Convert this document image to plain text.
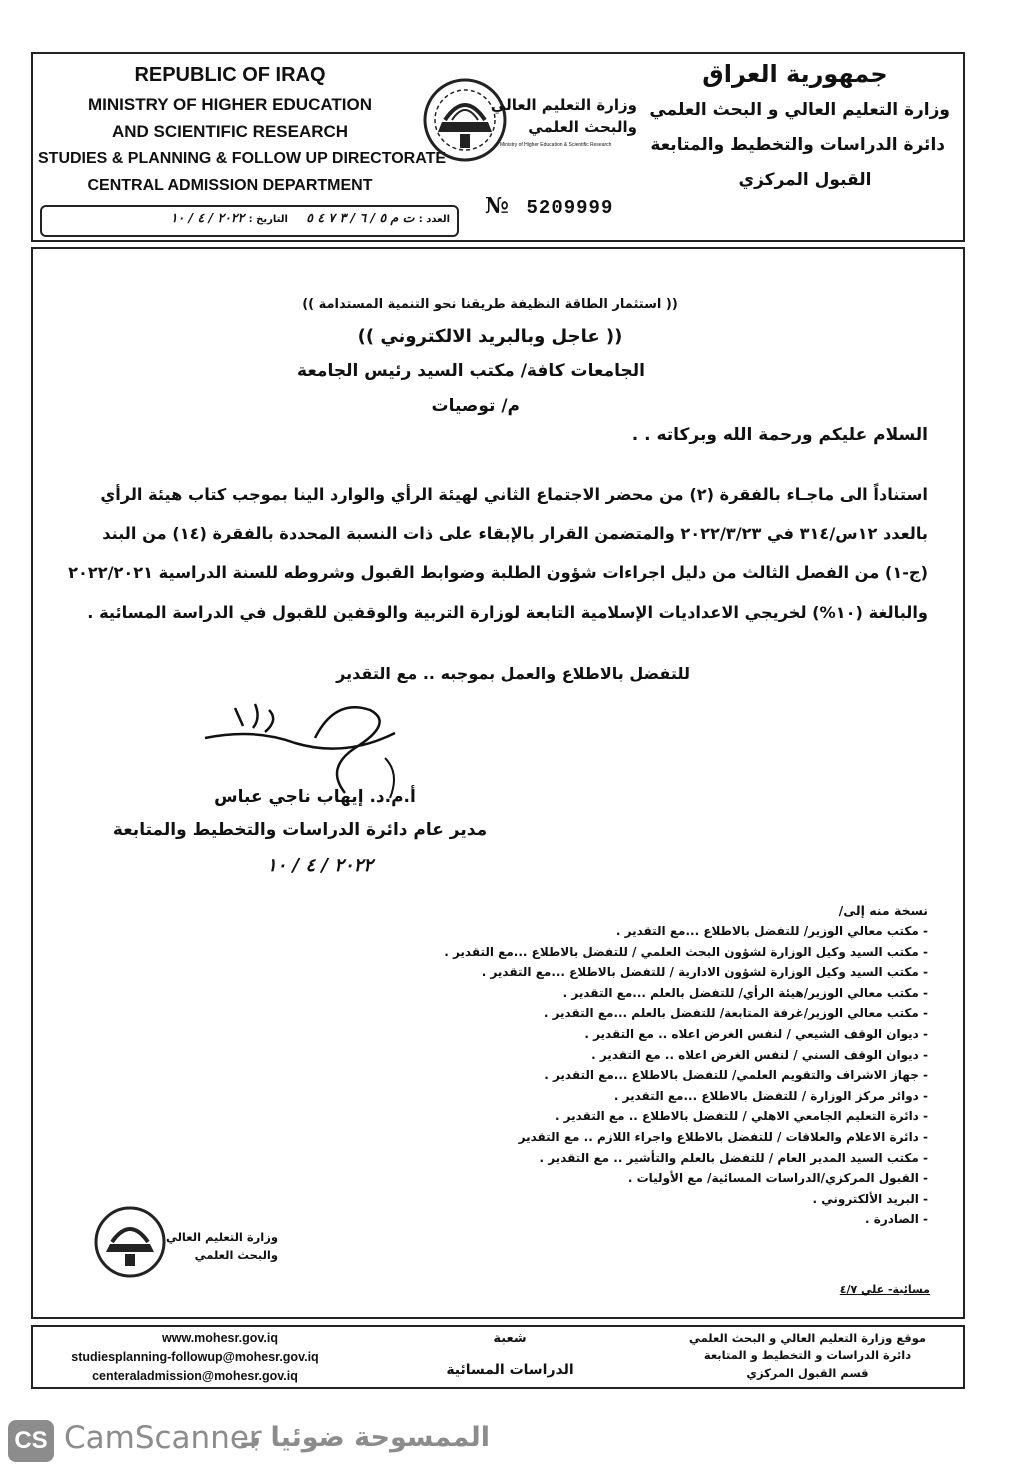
REPUBLIC OF IRAQ
MINISTRY OF HIGHER EDUCATION
AND SCIENTIFIC RESEARCH
STUDIES & PLANNING & FOLLOW UP DIRECTORATE
CENTRAL ADMISSION DEPARTMENT
جمهورية العراق
وزارة التعليم العالي و البحث العلمي
دائرة الدراسات والتخطيط والمتابعة
القبول المركزي
وزارة التعليم العالي
والبحث العلمي
Ministry of Higher Education & Scientific Research
№ 5209999
العدد : ت م ٥ / ٦ / ٣ ٧ ٤ ٥ التاريخ : ٢٠٢٢ / ٤ / ١٠
(( استثمار الطاقة النظيفة طريقنا نحو التنمية المستدامة ))
(( عاجل وبالبريد الالكتروني ))
الجامعات كافة/ مكتب السيد رئيس الجامعة
م/ توصيات
السلام عليكم ورحمة الله وبركاته . .
استناداً الى ماجـاء بالفقرة (٢) من محضر الاجتماع الثاني لهيئة الرأي والوارد الينا بموجب كتاب هيئة الرأي
بالعدد ١٢س/٣١٤ في ٢٠٢٢/٣/٢٣ والمتضمن القرار بالإبقاء على ذات النسبة المحددة بالفقرة (١٤) من البند
(ج-١) من الفصل الثالث من دليل اجراءات شؤون الطلبة وضوابط القبول وشروطه للسنة الدراسية ٢٠٢٢/٢٠٢١
والبالغة (١٠%) لخريجي الاعداديات الإسلامية التابعة لوزارة التربية والوقفين للقبول في الدراسة المسائية .
للتفضل بالاطلاع والعمل بموجبه .. مع التقدير
أ.م.د. إيهاب ناجي عباس
مدير عام دائرة الدراسات والتخطيط والمتابعة
٢٠٢٢ / ٤ / ١٠
نسخة منه إلى/
- مكتب معالي الوزير/ للتفضل بالاطلاع ...مع التقدير .
- مكتب السيد وكيل الوزارة لشؤون البحث العلمي / للتفضل بالاطلاع ...مع التقدير .
- مكتب السيد وكيل الوزارة لشؤون الادارية / للتفضل بالاطلاع ...مع التقدير .
- مكتب معالي الوزير/هيئة الرأي/ للتفضل بالعلم ...مع التقدير .
- مكتب معالي الوزير/غرفة المتابعة/ للتفضل بالعلم ...مع التقدير .
- ديوان الوقف الشيعي / لنفس الغرض اعلاه .. مع التقدير .
- ديوان الوقف السني / لنفس الغرض اعلاه .. مع التقدير .
- جهاز الاشراف والتقويم العلمي/ للتفضل بالاطلاع ...مع التقدير .
- دوائر مركز الوزارة / للتفضل بالاطلاع ...مع التقدير .
- دائرة التعليم الجامعي الاهلي / للتفضل بالاطلاع .. مع التقدير .
- دائرة الاعلام والعلاقات / للتفضل بالاطلاع واجراء اللازم .. مع التقدير
- مكتب السيد المدير العام / للتفضل بالعلم والتأشير .. مع التقدير .
- القبول المركزي/الدراسات المسائية/ مع الأوليات .
- البريد الألكتروني .
- الصادرة .
مسائية- علي ٤/٧
وزارة التعليم العالي
والبحث العلمي
www.mohesr.gov.iq
studiesplanning-followup@mohesr.gov.iq
centeraladmission@mohesr.gov.iq
شعبة
الدراسات المسائية
موقع وزارة التعليم العالي و البحث العلمي
دائرة الدراسات و التخطيط و المتابعة
قسم القبول المركزي
CS CamScanner
الممسوحة ضوئيا بـ
